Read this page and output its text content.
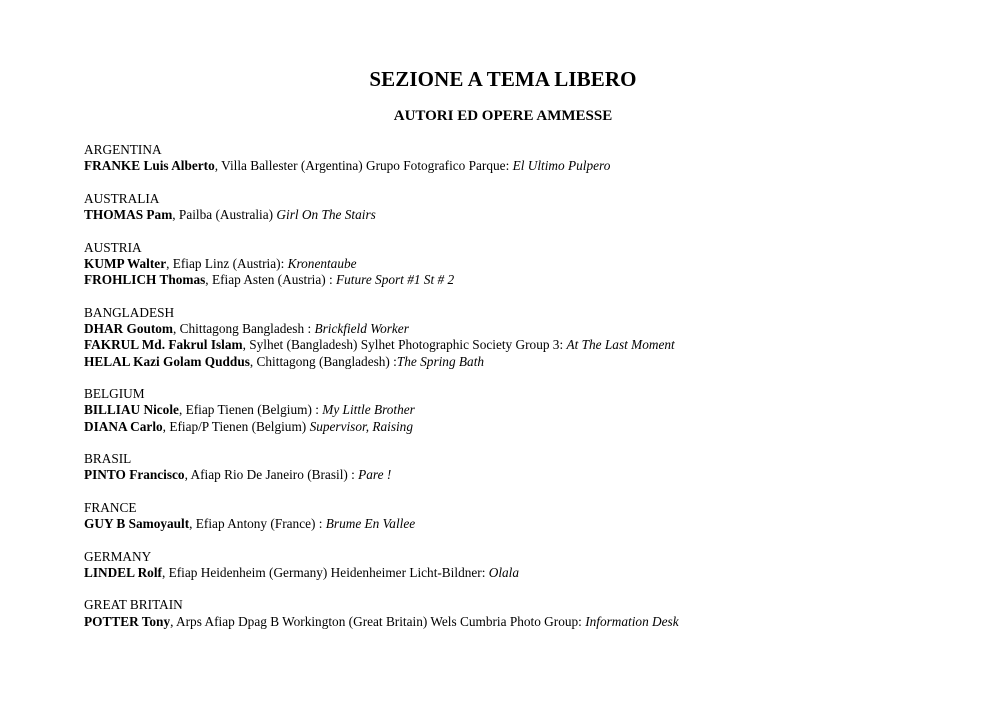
SEZIONE A TEMA LIBERO
AUTORI ED OPERE AMMESSE
ARGENTINA
FRANKE Luis Alberto, Villa Ballester (Argentina) Grupo Fotografico Parque: El Ultimo Pulpero
AUSTRALIA
THOMAS Pam, Pailba (Australia) Girl On The Stairs
AUSTRIA
KUMP Walter, Efiap Linz (Austria): Kronentaube
FROHLICH Thomas, Efiap Asten (Austria) : Future Sport #1 St # 2
BANGLADESH
DHAR Goutom, Chittagong Bangladesh : Brickfield Worker
FAKRUL Md. Fakrul Islam, Sylhet (Bangladesh) Sylhet Photographic Society Group 3: At The Last Moment
HELAL Kazi Golam Quddus, Chittagong (Bangladesh) :The Spring Bath
BELGIUM
BILLIAU Nicole, Efiap Tienen (Belgium) : My Little Brother
DIANA Carlo, Efiap/P Tienen (Belgium) Supervisor, Raising
BRASIL
PINTO Francisco, Afiap Rio De Janeiro (Brasil) : Pare !
FRANCE
GUY B Samoyault, Efiap Antony (France) : Brume En Vallee
GERMANY
LINDEL Rolf, Efiap Heidenheim (Germany) Heidenheimer Licht-Bildner: Olala
GREAT BRITAIN
POTTER Tony, Arps Afiap Dpag B Workington (Great Britain) Wels Cumbria Photo Group: Information Desk
